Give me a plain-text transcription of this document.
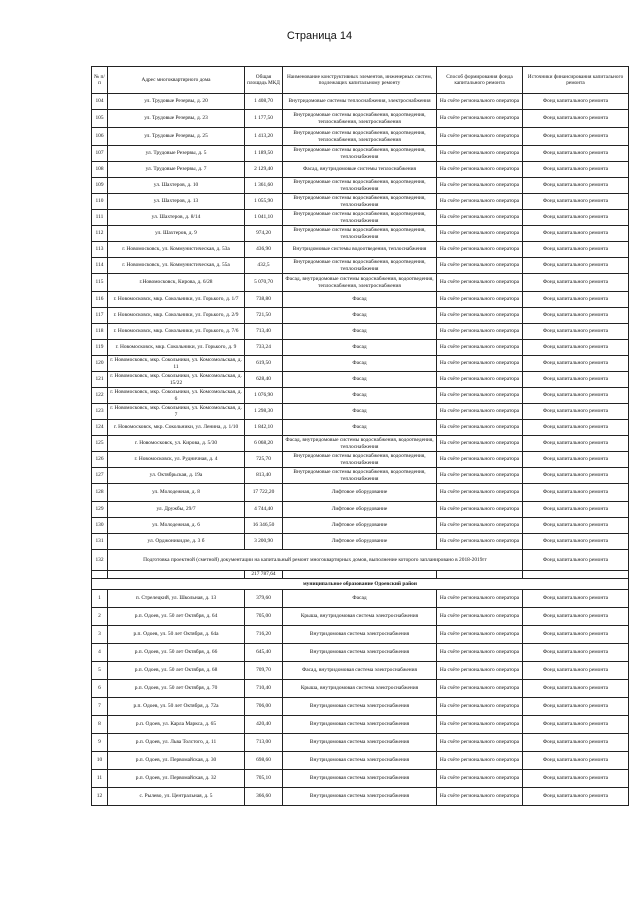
Страница 14
№ п/п	Адрес многоквартирного дома	Общая площадь МКД	Наименование конструктивных элементов, инженерных систем, подлежащих капитальному ремонту	Способ формирования фонда капитального ремонта	Источники финансирования капитального ремонта
104	ул. Трудовые Резервы, д. 20	1 408,70	Внутридомовые системы теплоснабжения, электроснабжения	На счёте регионального оператора	Фонд капитального ремонта
105	ул. Трудовые Резервы, д. 23	1 177,50	Внутридомовые системы водоснабжения, водоотведения, теплоснабжения, электроснабжения	На счёте регионального оператора	Фонд капитального ремонта
106	ул. Трудовые Резервы, д. 25	1 413,20	Внутридомовые системы водоснабжения, водоотведения, теплоснабжения, электроснабжения	На счёте регионального оператора	Фонд капитального ремонта
107	ул. Трудовые Резервы, д. 5	1 189,50	Внутридомовые системы водоснабжения, водоотведения, теплоснабжения	На счёте регионального оператора	Фонд капитального ремонта
108	ул. Трудовые Резервы, д. 7	2 129,40	Фасад, внутридомовые системы теплоснабжения	На счёте регионального оператора	Фонд капитального ремонта
109	ул. Шахтеров, д. 10	1 361,60	Внутридомовые системы водоснабжения, водоотведения, теплоснабжения	На счёте регионального оператора	Фонд капитального ремонта
110	ул. Шахтеров, д. 13	1 055,90	Внутридомовые системы водоснабжения, водоотведения, теплоснабжения	На счёте регионального оператора	Фонд капитального ремонта
111	ул. Шахтеров, д. 8/14	1 041,10	Внутридомовые системы водоснабжения, водоотведения, теплоснабжения	На счёте регионального оператора	Фонд капитального ремонта
112	ул. Шахтеров, д. 9	974,20	Внутридомовые системы водоснабжения, водоотведения, теплоснабжения	На счёте регионального оператора	Фонд капитального ремонта
113	г. Новомосковск, ул. Коммунистическая, д. 53а	436,90	Внутридомовые системы водоотведения, теплоснабжения	На счёте регионального оператора	Фонд капитального ремонта
114	г. Новомосковск, ул. Коммунистическая, д. 55а	432,5	Внутридомовые системы водоснабжения, водоотведения, теплоснабжения	На счёте регионального оператора	Фонд капитального ремонта
115	г.Новомосковск, Кирова, д. 6/28	5 070,70	Фасад, внутридомовые системы водоснабжения, водоотведения, теплоснабжения, электроснабжения	На счёте регионального оператора	Фонд капитального ремонта
116	г. Новомосковск, мкр. Сокольники, ул. Горького, д. 1/7	738,80	Фасад	На счёте регионального оператора	Фонд капитального ремонта
117	г. Новомосковск, мкр. Сокольники, ул. Горького, д. 2/9	721,50	Фасад	На счёте регионального оператора	Фонд капитального ремонта
118	г. Новомосковск, мкр. Сокольники, ул. Горького, д. 7/6	713,40	Фасад	На счёте регионального оператора	Фонд капитального ремонта
119	г. Новомосковск, мкр. Сокольники, ул. Горького, д. 9	733,24	Фасад	На счёте регионального оператора	Фонд капитального ремонта
120	г. Новомосковск, мкр. Сокольники, ул. Комсомольская, д. 11	619,50	Фасад	На счёте регионального оператора	Фонд капитального ремонта
121	г. Новомосковск, мкр. Сокольники, ул. Комсомольская, д. 15/22	628,40	Фасад	На счёте регионального оператора	Фонд капитального ремонта
122	г. Новомосковск, мкр. Сокольники, ул. Комсомольская, д. 6	1 076,90	Фасад	На счёте регионального оператора	Фонд капитального ремонта
123	г. Новомосковск, мкр. Сокольники, ул. Комсомольская, д. 7	1 298,30	Фасад	На счёте регионального оператора	Фонд капитального ремонта
124	г. Новомосковск, мкр. Сокольники, ул. Ленина, д. 1/10	1 842,10	Фасад	На счёте регионального оператора	Фонд капитального ремонта
125	г. Новомосковск, ул. Кирова, д. 5/30	6 068,20	Фасад, внутридомовые системы водоснабжения, водоотведения, теплоснабжения	На счёте регионального оператора	Фонд капитального ремонта
126	г. Новомосковск, ул. Рудничная, д. 4	725,70	Внутридомовые системы водоснабжения, водоотведения, теплоснабжения	На счёте регионального оператора	Фонд капитального ремонта
127	ул. Октябрьская, д. 19а	813,40	Внутридомовые системы водоснабжения, водоотведения, теплоснабжения	На счёте регионального оператора	Фонд капитального ремонта
128	ул. Молодежная, д. 8	17 722,20	Лифтовое оборудование	На счёте регионального оператора	Фонд капитального ремонта
129	ул. Дружбы, 29/7	4 744,40	Лифтовое оборудование	На счёте регионального оператора	Фонд капитального ремонта
130	ул. Молодежная, д. 6	16 346,50	Лифтовое оборудование	На счёте регионального оператора	Фонд капитального ремонта
131	ул. Орджоникидзе, д. 3 б	3 200,90	Лифтовое оборудование	На счёте регионального оператора	Фонд капитального ремонта
132	Подготовка проектной (сметной) документации на капитальный ремонт многоквартирных домов, выполнение которого запланировано в 2018-2019гг				Фонд капитального ремонта
		217 787,64			
муниципальное образование Одоевский район					
1	п. Стрелецкий, ул. Школьная, д. 13	379,60	Фасад	На счёте регионального оператора	Фонд капитального ремонта
2	р.п. Одоев, ул. 50 лет Октября, д. 64	705,00	Крыша, внутридомовая система электроснабжения	На счёте регионального оператора	Фонд капитального ремонта
3	р.п. Одоев, ул. 50 лет Октября, д. 64а	716,20	Внутридомовая система электроснабжения	На счёте регионального оператора	Фонд капитального ремонта
4	р.п. Одоев, ул. 50 лет Октября, д. 66	645,40	Внутридомовая система электроснабжения	На счёте регионального оператора	Фонд капитального ремонта
5	р.п. Одоев, ул. 50 лет Октября, д. 68	709,70	Фасад, внутридомовая система электроснабжения	На счёте регионального оператора	Фонд капитального ремонта
6	р.п. Одоев, ул. 50 лет Октября, д. 70	710,40	Крыша, внутридомовая система электроснабжения	На счёте регионального оператора	Фонд капитального ремонта
7	р.п. Одоев, ул. 50 лет Октября, д. 72а	706,00	Внутридомовая система электроснабжения	На счёте регионального оператора	Фонд капитального ремонта
8	р.п. Одоев, ул. Карла Маркса, д. 65	420,40	Внутридомовая система электроснабжения	На счёте регионального оператора	Фонд капитального ремонта
9	р.п. Одоев, ул. Льва Толстого, д. 11	713,00	Внутридомовая система электроснабжения	На счёте регионального оператора	Фонд капитального ремонта
10	р.п. Одоев, ул. Первомайская, д. 30	698,60	Внутридомовая система электроснабжения	На счёте регионального оператора	Фонд капитального ремонта
11	р.п. Одоев, ул. Первомайская, д. 32	705,10	Внутридомовая система электроснабжения	На счёте регионального оператора	Фонд капитального ремонта
12	с. Рылево, ул. Центральная, д. 5	366,60	Внутридомовая система электроснабжения	На счёте регионального оператора	Фонд капитального ремонта
